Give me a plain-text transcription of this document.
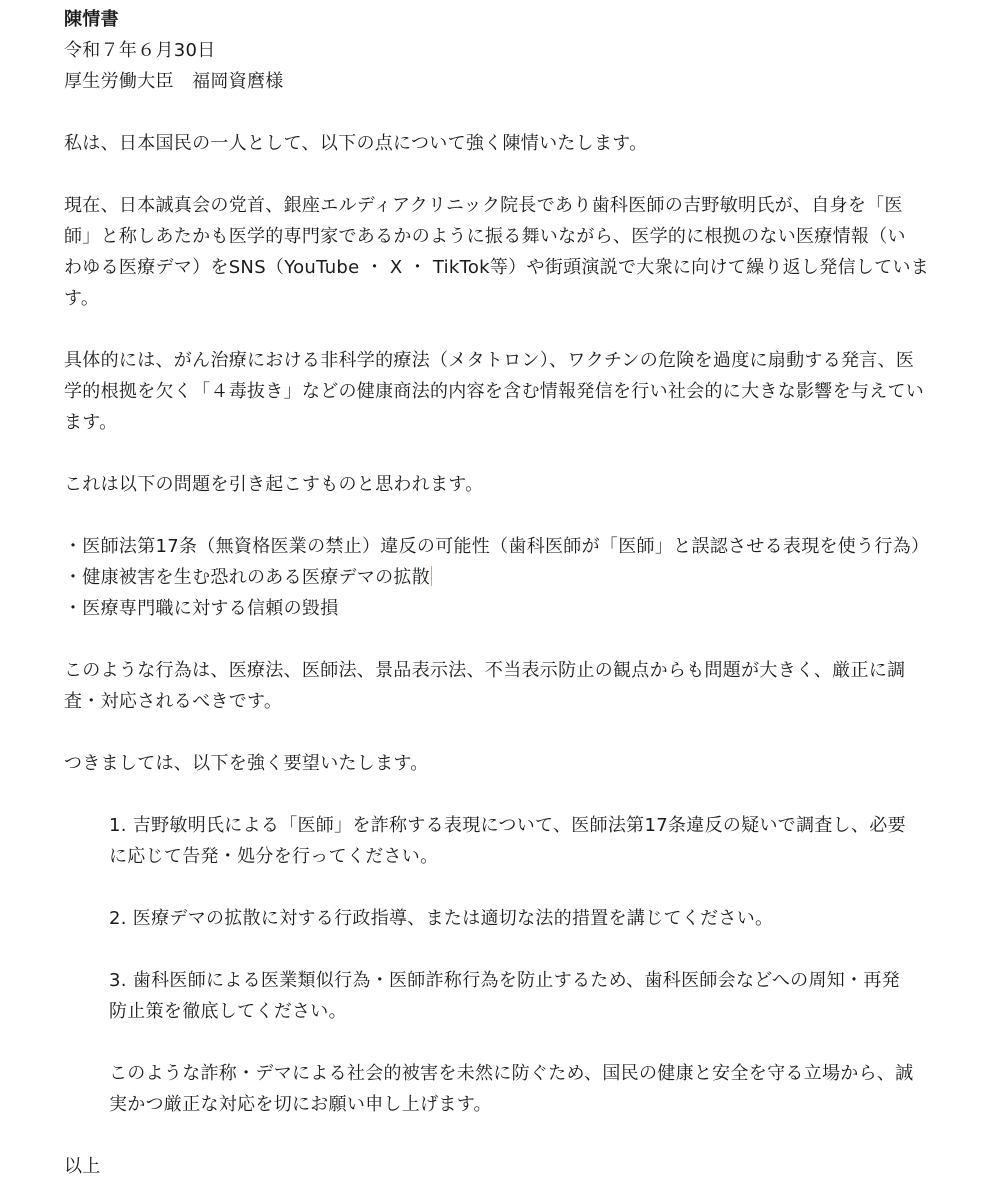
陳情書

令和７年６月30日

厚生労働大臣　福岡資麿様

私は、日本国民の一人として、以下の点について強く陳情いたします。

現在、日本誠真会の党首、銀座エルディアクリニック院長であり歯科医師の吉野敏明氏が、自身を「医

師」と称しあたかも医学的専門家であるかのように振る舞いながら、医学的に根拠のない医療情報（い

わゆる医療デマ）をSNS（YouTube ・ X ・ TikTok等）や街頭演説で大衆に向けて繰り返し発信していま

す。

具体的には、がん治療における非科学的療法（メタトロン）、ワクチンの危険を過度に扇動する発言、医

学的根拠を欠く「４毒抜き」などの健康商法的内容を含む情報発信を行い社会的に大きな影響を与えてい

ます。

これは以下の問題を引き起こすものと思われます。

・医師法第17条（無資格医業の禁止）違反の可能性（歯科医師が「医師」と誤認させる表現を使う行為）

・健康被害を生む恐れのある医療デマの拡散

・医療専門職に対する信頼の毀損

このような行為は、医療法、医師法、景品表示法、不当表示防止の観点からも問題が大きく、厳正に調

査・対応されるべきです。

つきましては、以下を強く要望いたします。

1. 吉野敏明氏による「医師」を詐称する表現について、医師法第17条違反の疑いで調査し、必要

に応じて告発・処分を行ってください。

2. 医療デマの拡散に対する行政指導、または適切な法的措置を講じてください。

3. 歯科医師による医業類似行為・医師詐称行為を防止するため、歯科医師会などへの周知・再発

防止策を徹底してください。

このような詐称・デマによる社会的被害を未然に防ぐため、国民の健康と安全を守る立場から、誠

実かつ厳正な対応を切にお願い申し上げます。

以上
